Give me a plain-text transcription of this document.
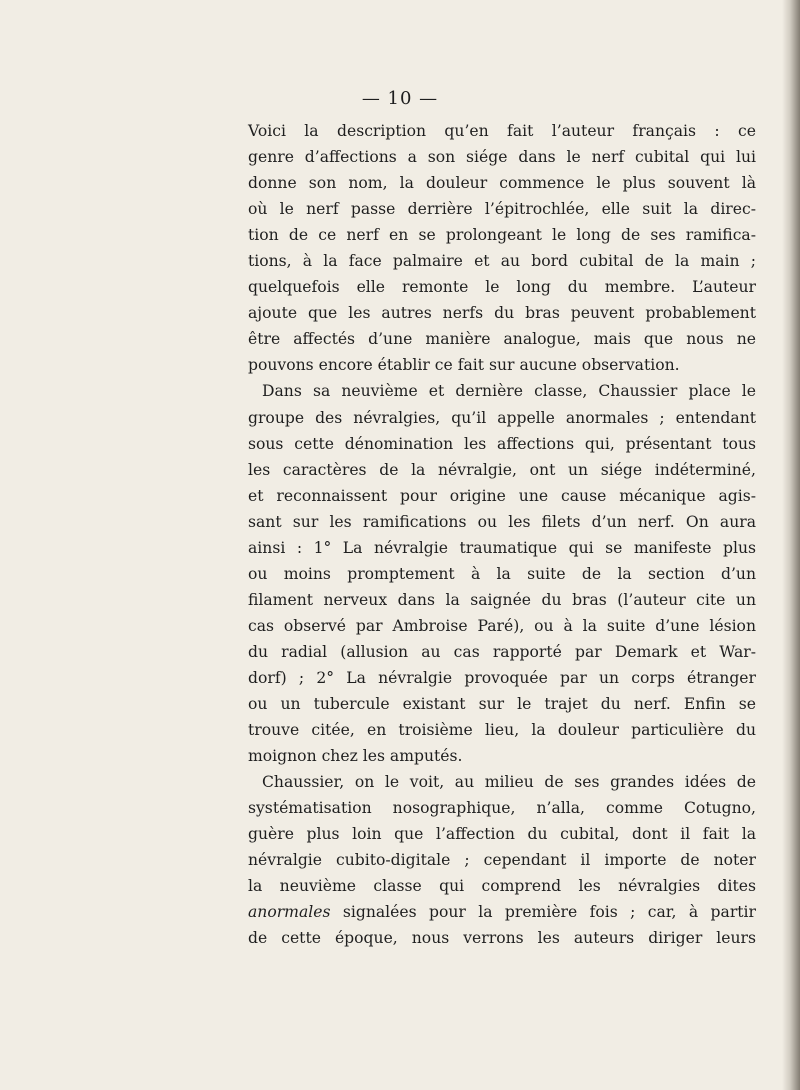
— 10 —
Voici la description qu’en fait l’auteur français : ce
genre d’affections a son siége dans le nerf cubital qui lui
donne son nom, la douleur commence le plus souvent là
où le nerf passe derrière l’épitrochlée, elle suit la direc-
tion de ce nerf en se prolongeant le long de ses ramifica-
tions, à la face palmaire et au bord cubital de la main ;
quelquefois elle remonte le long du membre. L’auteur
ajoute que les autres nerfs du bras peuvent probablement
être affectés d’une manière analogue, mais que nous ne
pouvons encore établir ce fait sur aucune observation.
Dans sa neuvième et dernière classe, Chaussier place le
groupe des névralgies, qu’il appelle anormales ; entendant
sous cette dénomination les affections qui, présentant tous
les caractères de la névralgie, ont un siége indéterminé,
et reconnaissent pour origine une cause mécanique agis-
sant sur les ramifications ou les filets d’un nerf. On aura
ainsi : 1° La névralgie traumatique qui se manifeste plus
ou moins promptement à la suite de la section d’un
filament nerveux dans la saignée du bras (l’auteur cite un
cas observé par Ambroise Paré), ou à la suite d’une lésion
du radial (allusion au cas rapporté par Demark et War-
dorf) ; 2° La névralgie provoquée par un corps étranger
ou un tubercule existant sur le trajet du nerf. Enfin se
trouve citée, en troisième lieu, la douleur particulière du
moignon chez les amputés.
Chaussier, on le voit, au milieu de ses grandes idées de
systématisation nosographique, n’alla, comme Cotugno,
guère plus loin que l’affection du cubital, dont il fait la
névralgie cubito-digitale ; cependant il importe de noter
la neuvième classe qui comprend les névralgies dites
anormales signalées pour la première fois ; car, à partir
de cette époque, nous verrons les auteurs diriger leurs
